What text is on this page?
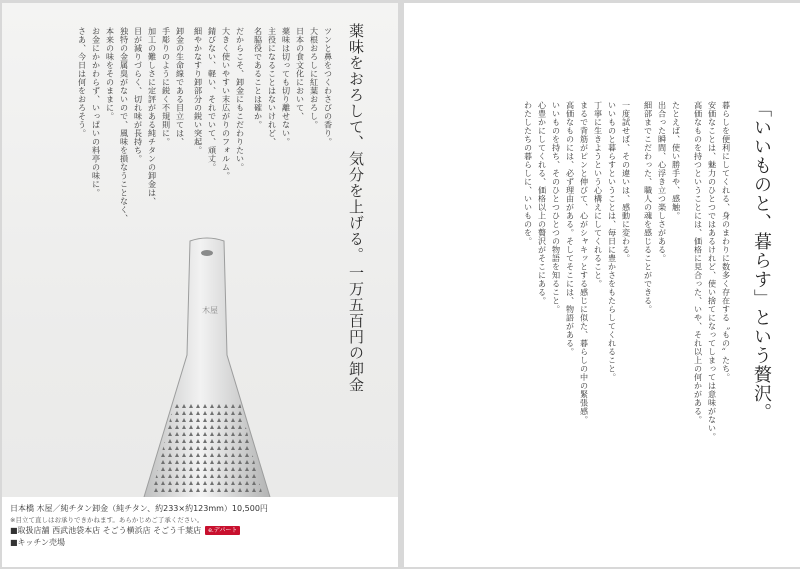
薬味をおろして、気分を上げる。
一万五百円の卸金
ツンと鼻をつくわさびの香り。
大根おろしに紅葉おろし。
日本の食文化において、
薬味は切っても切り離せない。
主役になることはないけれど、
名脇役であることは確か。
だからこそ、卸金にもこだわりたい。
大きく使いやすい末広がりのフォルム。
錆びない、軽い、それでいて、頑丈。
細やかなすり卸部分の鋭い突起。
卸金の生命線である目立ては、
手彫りのように鋭く不規則に。
加工の難しさに定評がある純チタンの卸金は、
目が減りづらく、切れ味が長持ち。
独特の金属臭がないので、風味を損なうことなく、
本来の味をそのままに。
お金にかかわらず、いっぱいの料亭の味に。
さあ、今日は何をおろそう。
木屋
日本橋 木屋／純チタン卸金（純チタン、約233×約123mm）10,500円
※目立て直しはお承りできかねます。あらかじめご了承ください。
■取扱店舗 西武池袋本店 そごう横浜店 そごう千葉店 e.デパート
■キッチン売場
「いいものと、暮らす」という贅沢。
暮らしを便利にしてくれる、身のまわりに数多く存在する〝もの〟たち。
安価なことは、魅力のひとつではあるけれど、使い捨てになってしまっては意味がない。
高価なものを持つということには、価格に見合った、いや、それ以上の何かがある。
たとえば、使い勝手や、感触。
出合った瞬間、心浮き立つ楽しさがある。
細部までこだわった、職人の魂を感じることができる。
一度試せば、その違いは、感動に変わる。
いいものと暮らすということは、毎日に豊かさをもたらしてくれること。
丁寧に生きようという心構えにしてくれること。
まるで背筋がピンと伸びて、心がシャキッとする感じに似た、暮らしの中の緊張感。
高価なものには、必ず理由がある。そしてそこには、物語がある。
いいものを持ち、そのひとつひとつの物語を知ること。
心豊かにしてくれる、価格以上の贅沢がそこにある。
わたしたちの暮らしに、いいものを。
